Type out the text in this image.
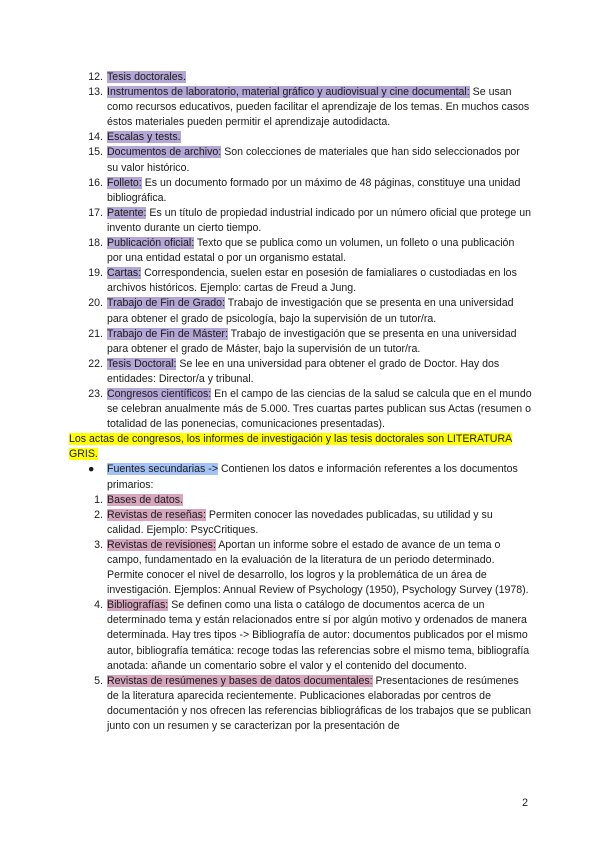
12. Tesis doctorales.
13. Instrumentos de laboratorio, material gráfico y audiovisual y cine documental: Se usan como recursos educativos, pueden facilitar el aprendizaje de los temas. En muchos casos éstos materiales pueden permitir el aprendizaje autodidacta.
14. Escalas y tests.
15. Documentos de archivo: Son colecciones de materiales que han sido seleccionados por su valor histórico.
16. Folleto: Es un documento formado por un máximo de 48 páginas, constituye una unidad bibliográfica.
17. Patente: Es un título de propiedad industrial indicado por un número oficial que protege un invento durante un cierto tiempo.
18. Publicación oficial: Texto que se publica como un volumen, un folleto o una publicación por una entidad estatal o por un organismo estatal.
19. Cartas: Correspondencia, suelen estar en posesión de famialiares o custodiadas en los archivos históricos. Ejemplo: cartas de Freud a Jung.
20. Trabajo de Fin de Grado: Trabajo de investigación que se presenta en una universidad para obtener el grado de psicología, bajo la supervisión de un tutor/ra.
21. Trabajo de Fin de Máster: Trabajo de investigación que se presenta en una universidad para obtener el grado de Máster, bajo la supervisión de un tutor/ra.
22. Tesis Doctoral: Se lee en una universidad para obtener el grado de Doctor. Hay dos entidades: Director/a y tribunal.
23. Congresos científicos: En el campo de las ciencias de la salud se calcula que en el mundo se celebran anualmente más de 5.000. Tres cuartas partes publican sus Actas (resumen o totalidad de las ponenecias, comunicaciones presentadas).
Los actas de congresos, los informes de investigación y las tesis doctorales son LITERATURA GRIS.
● Fuentes secundarias -> Contienen los datos e información referentes a los documentos primarios:
1. Bases de datos.
2. Revistas de reseñas: Permiten conocer las novedades publicadas, su utilidad y su calidad. Ejemplo: PsycCritiques.
3. Revistas de revisiones: Aportan un informe sobre el estado de avance de un tema o campo, fundamentado en la evaluación de la literatura de un periodo determinado. Permite conocer el nivel de desarrollo, los logros y la problemática de un área de investigación. Ejemplos: Annual Review of Psychology (1950), Psychology Survey (1978).
4. Bibliografías: Se definen como una lista o catálogo de documentos acerca de un determinado tema y están relacionados entre sí por algún motivo y ordenados de manera determinada. Hay tres tipos -> Bibliografía de autor: documentos publicados por el mismo autor, bibliografía temática: recoge todas las referencias sobre el mismo tema, bibliografía anotada: añande un comentario sobre el valor y el contenido del documento.
5. Revistas de resúmenes y bases de datos documentales: Presentaciones de resúmenes de la literatura aparecida recientemente. Publicaciones elaboradas por centros de documentación y nos ofrecen las referencias bibliográficas de los trabajos que se publican junto con un resumen y se caracterizan por la presentación de
2
